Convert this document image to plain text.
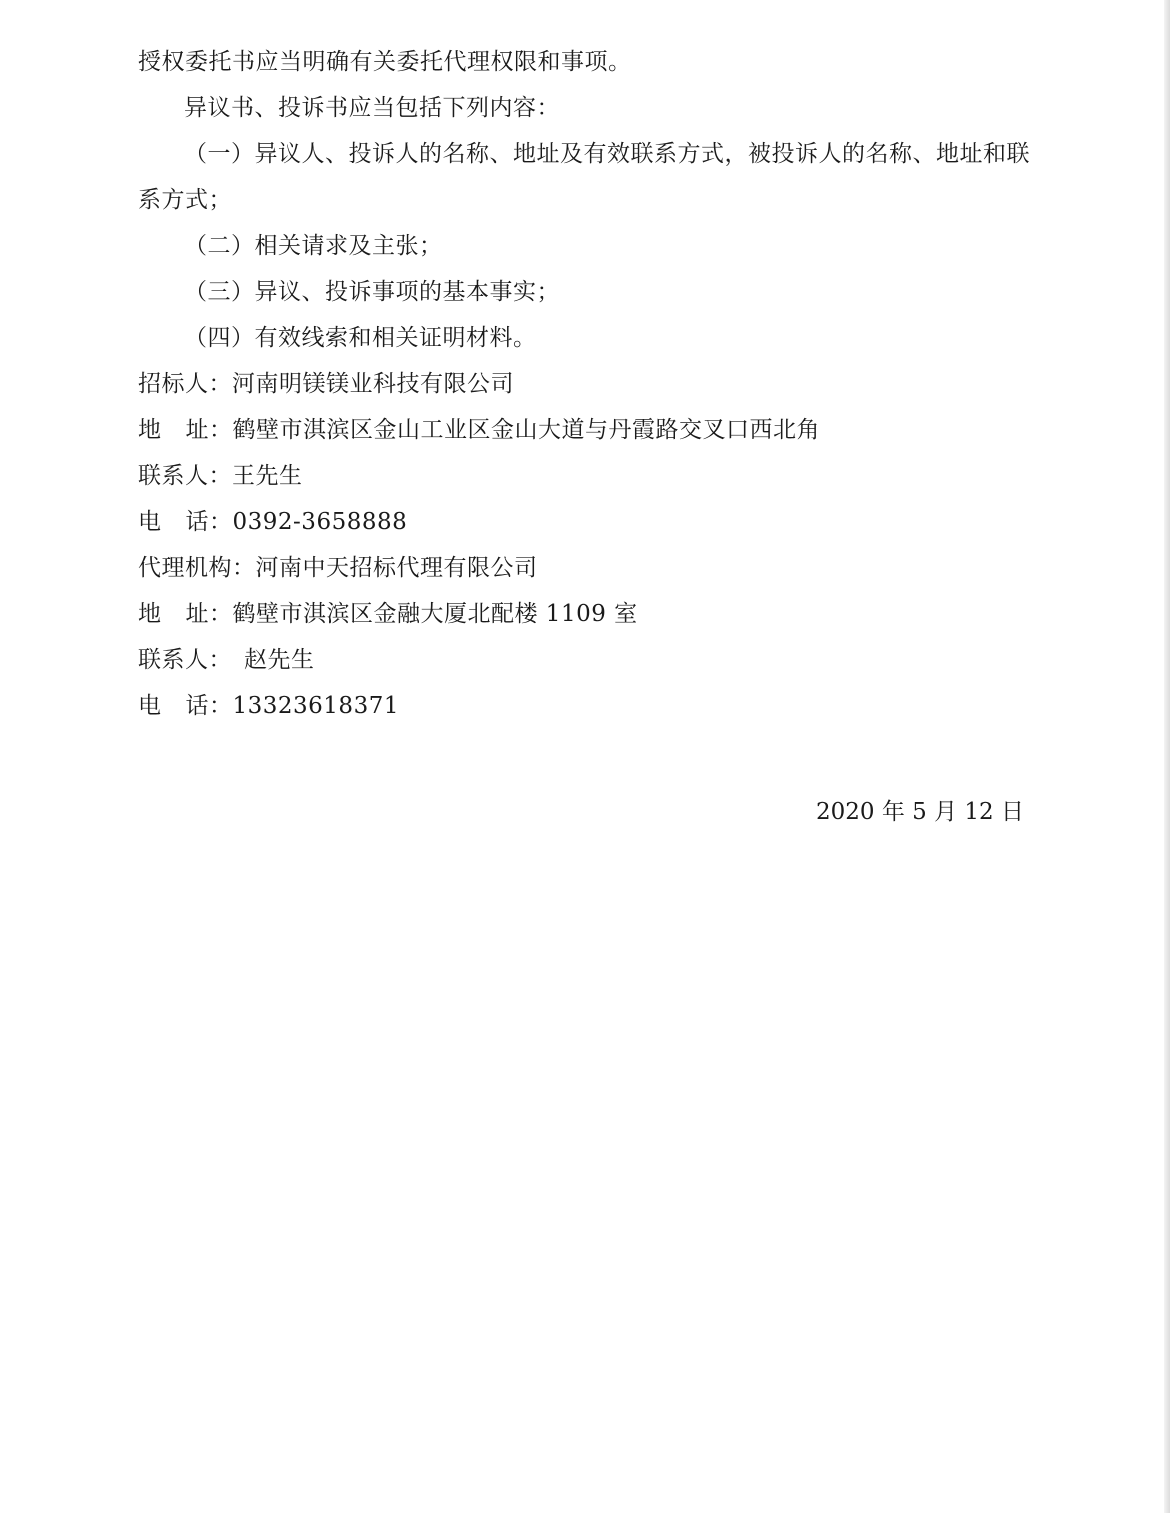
授权委托书应当明确有关委托代理权限和事项。
异议书、投诉书应当包括下列内容：
（一）异议人、投诉人的名称、地址及有效联系方式，被投诉人的名称、地址和联
系方式；
（二）相关请求及主张；
（三）异议、投诉事项的基本事实；
（四）有效线索和相关证明材料。
招标人：河南明镁镁业科技有限公司
地 址：鹤壁市淇滨区金山工业区金山大道与丹霞路交叉口西北角
联系人：王先生
电 话：0392-3658888
代理机构：河南中天招标代理有限公司
地 址：鹤壁市淇滨区金融大厦北配楼 1109 室
联系人： 赵先生
电 话：13323618371
2020 年 5 月 12 日
